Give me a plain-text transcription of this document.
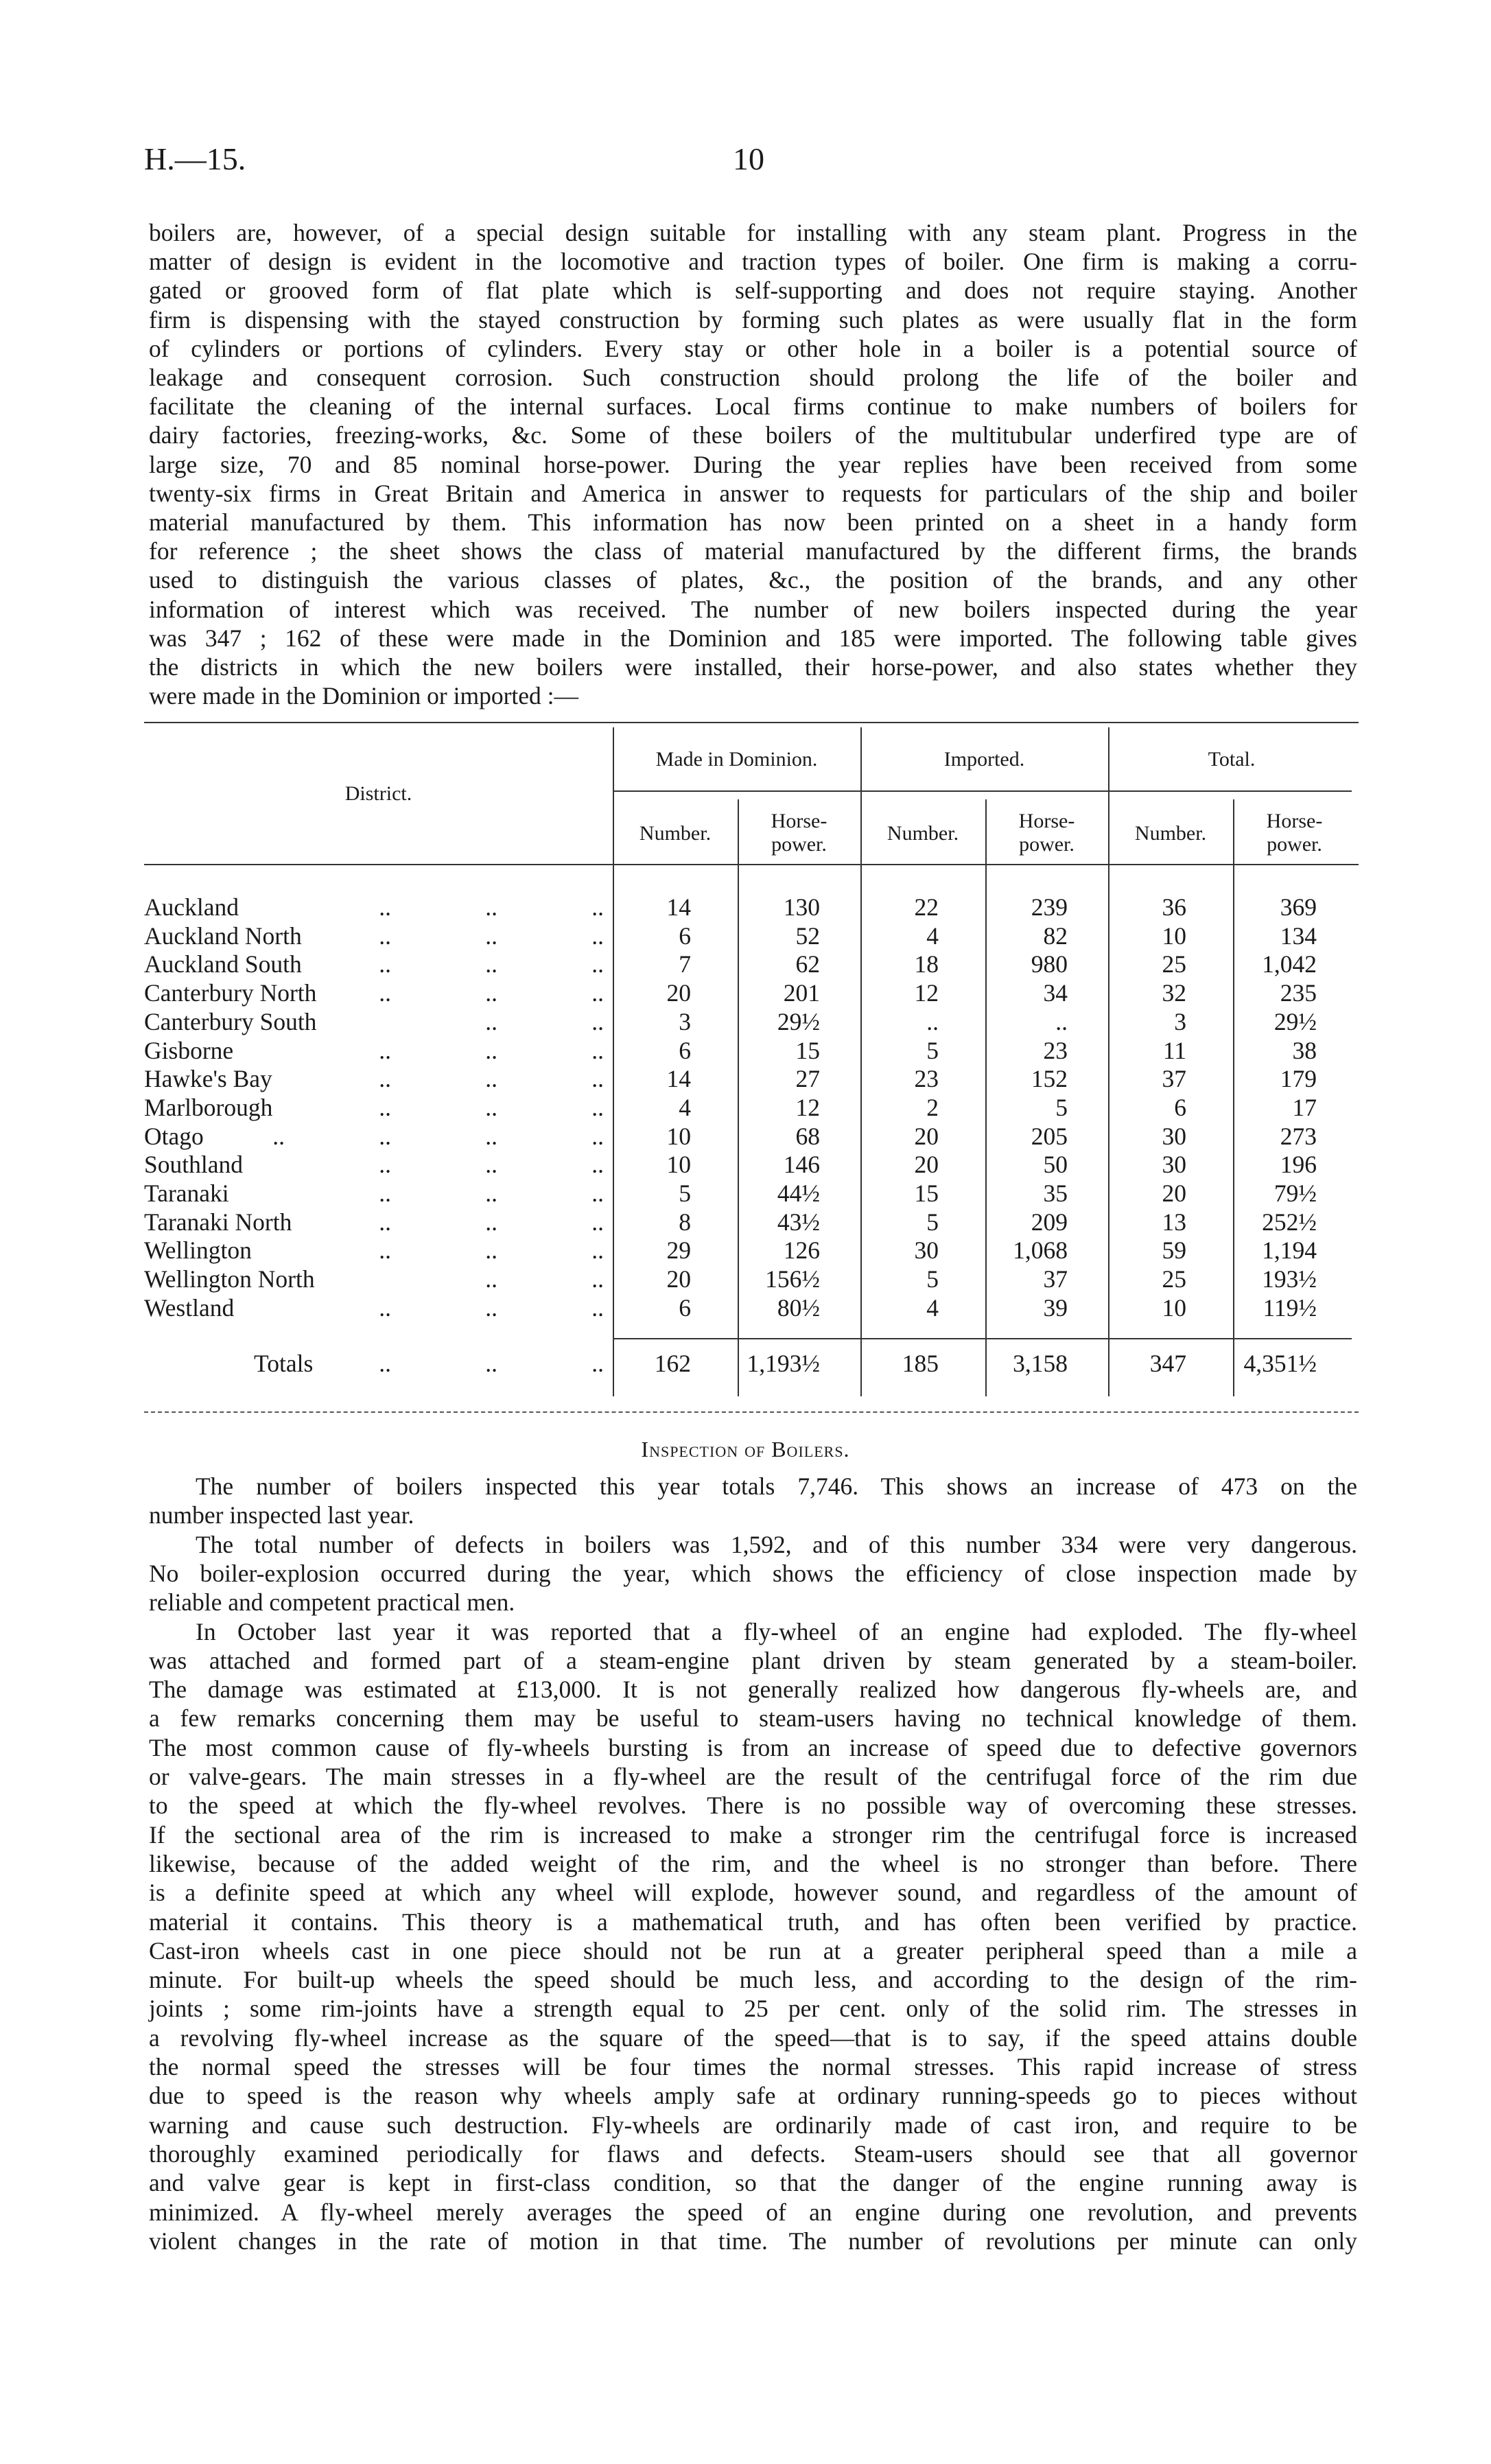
H.—15.	10
boilers are, however, of a special design suitable for installing with any steam plant. Progress in the
matter of design is evident in the locomotive and traction types of boiler. One firm is making a corru-
gated or grooved form of flat plate which is self-supporting and does not require staying. Another
firm is dispensing with the stayed construction by forming such plates as were usually flat in the form
of cylinders or portions of cylinders. Every stay or other hole in a boiler is a potential source of
leakage and consequent corrosion. Such construction should prolong the life of the boiler and
facilitate the cleaning of the internal surfaces. Local firms continue to make numbers of boilers for
dairy factories, freezing-works, &c. Some of these boilers of the multitubular underfired type are of
large size, 70 and 85 nominal horse-power. During the year replies have been received from some
twenty-six firms in Great Britain and America in answer to requests for particulars of the ship and boiler
material manufactured by them. This information has now been printed on a sheet in a handy form
for reference ; the sheet shows the class of material manufactured by the different firms, the brands
used to distinguish the various classes of plates, &c., the position of the brands, and any other
information of interest which was received. The number of new boilers inspected during the year
was 347 ; 162 of these were made in the Dominion and 185 were imported. The following table gives
the districts in which the new boilers were installed, their horse-power, and also states whether they
were made in the Dominion or imported :—
District.
Made in Dominion.	Imported.	Total.
Number.
Horse-
power.	Number.
Horse-
power.	Number.
Horse-
power.
Auckland	..
..
..	14	130	22	239	36	369
Auckland North	..
..
..	6	52	4	82	10	134
Auckland South	..
..
..	7	62	18	980	25	1,042
Canterbury North	..
..
..	20	201	12	34	32	235
Canterbury South	..
..	3	29½	..	..	3	29½
Gisborne	..
..
..	6	15	5	23	11	38
Hawke's Bay	..
..
..	14	27	23	152	37	179
Marlborough	..
..
..	4	12	2	5	6	17
Otago	..
..
..
..	10	68	20	205	30	273
Southland	..
..
..	10	146	20	50	30	196
Taranaki	..
..
..	5	44½	15	35	20	79½
Taranaki North	..
..
..	8	43½	5	209	13	252½
Wellington	..
..
..	29	126	30	1,068	59	1,194
Wellington North	..
..	20	156½	5	37	25	193½
Westland	..
..
..	6	80½	4	39	10	119½
Totals	..
..
..	162	1,193½	185	3,158	347	4,351½
Inspection of Boilers.
The number of boilers inspected this year totals 7,746. This shows an increase of 473 on the
number inspected last year.
The total number of defects in boilers was 1,592, and of this number 334 were very dangerous.
No boiler-explosion occurred during the year, which shows the efficiency of close inspection made by
reliable and competent practical men.
In October last year it was reported that a fly-wheel of an engine had exploded. The fly-wheel
was attached and formed part of a steam-engine plant driven by steam generated by a steam-boiler.
The damage was estimated at £13,000. It is not generally realized how dangerous fly-wheels are, and
a few remarks concerning them may be useful to steam-users having no technical knowledge of them.
The most common cause of fly-wheels bursting is from an increase of speed due to defective governors
or valve-gears. The main stresses in a fly-wheel are the result of the centrifugal force of the rim due
to the speed at which the fly-wheel revolves. There is no possible way of overcoming these stresses.
If the sectional area of the rim is increased to make a stronger rim the centrifugal force is increased
likewise, because of the added weight of the rim, and the wheel is no stronger than before. There
is a definite speed at which any wheel will explode, however sound, and regardless of the amount of
material it contains. This theory is a mathematical truth, and has often been verified by practice.
Cast-iron wheels cast in one piece should not be run at a greater peripheral speed than a mile a
minute. For built-up wheels the speed should be much less, and according to the design of the rim-
joints ; some rim-joints have a strength equal to 25 per cent. only of the solid rim. The stresses in
a revolving fly-wheel increase as the square of the speed—that is to say, if the speed attains double
the normal speed the stresses will be four times the normal stresses. This rapid increase of stress
due to speed is the reason why wheels amply safe at ordinary running-speeds go to pieces without
warning and cause such destruction. Fly-wheels are ordinarily made of cast iron, and require to be
thoroughly examined periodically for flaws and defects. Steam-users should see that all governor
and valve gear is kept in first-class condition, so that the danger of the engine running away is
minimized. A fly-wheel merely averages the speed of an engine during one revolution, and prevents
violent changes in the rate of motion in that time. The number of revolutions per minute can only
